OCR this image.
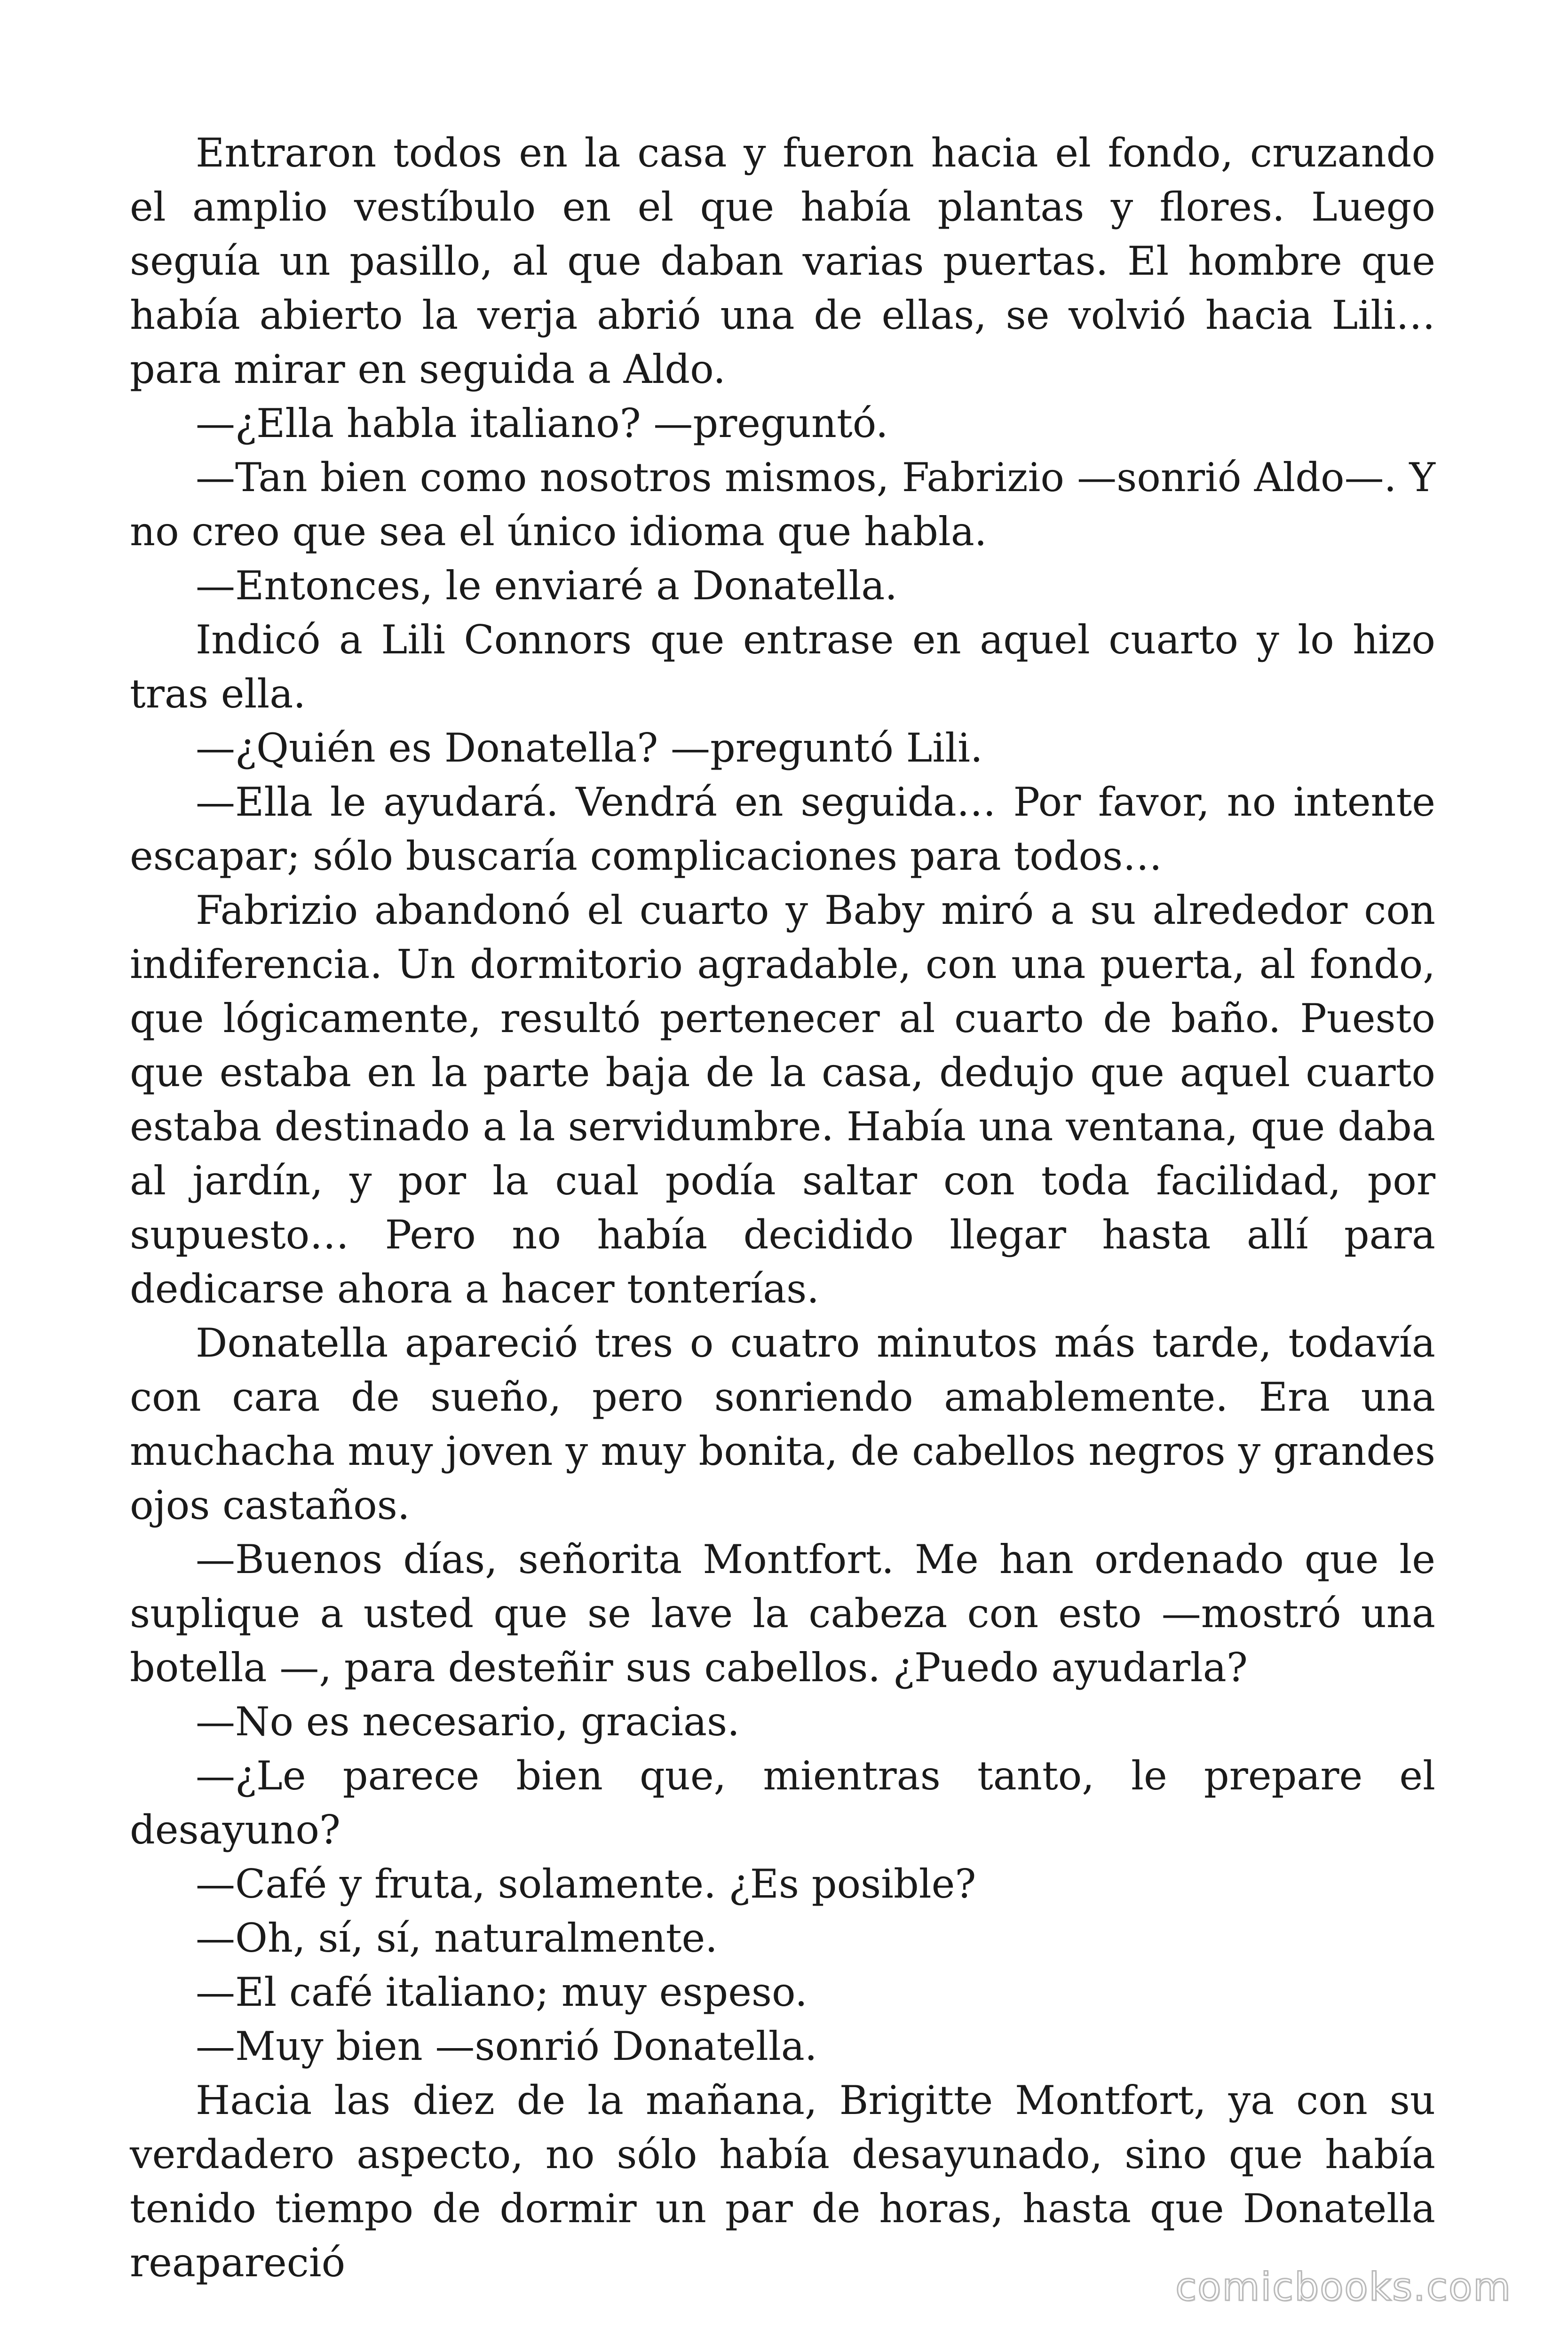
Entraron todos en la casa y fueron hacia el fondo, cruzando el amplio vestíbulo en el que había plantas y flores. Luego seguía un pasillo, al que daban varias puertas. El hombre que había abierto la verja abrió una de ellas, se volvió hacia Lili… para mirar en seguida a Aldo.

—¿Ella habla italiano? —preguntó.

—Tan bien como nosotros mismos, Fabrizio —sonrió Aldo—. Y no creo que sea el único idioma que habla.

—Entonces, le enviaré a Donatella.

Indicó a Lili Connors que entrase en aquel cuarto y lo hizo tras ella.

—¿Quién es Donatella? —preguntó Lili.

—Ella le ayudará. Vendrá en seguida… Por favor, no intente escapar; sólo buscaría complicaciones para todos…

Fabrizio abandonó el cuarto y Baby miró a su alrededor con indiferencia. Un dormitorio agradable, con una puerta, al fondo, que lógicamente, resultó pertenecer al cuarto de baño. Puesto que estaba en la parte baja de la casa, dedujo que aquel cuarto estaba destinado a la servidumbre. Había una ventana, que daba al jardín, y por la cual podía saltar con toda facilidad, por supuesto… Pero no había decidido llegar hasta allí para dedicarse ahora a hacer tonterías.

Donatella apareció tres o cuatro minutos más tarde, todavía con cara de sueño, pero sonriendo amablemente. Era una muchacha muy joven y muy bonita, de cabellos negros y grandes ojos castaños.

—Buenos días, señorita Montfort. Me han ordenado que le suplique a usted que se lave la cabeza con esto —mostró una botella —, para desteñir sus cabellos. ¿Puedo ayudarla?

—No es necesario, gracias.

—¿Le parece bien que, mientras tanto, le prepare el desayuno?

—Café y fruta, solamente. ¿Es posible?

—Oh, sí, sí, naturalmente.

—El café italiano; muy espeso.

—Muy bien —sonrió Donatella.

Hacia las diez de la mañana, Brigitte Montfort, ya con su verdadero aspecto, no sólo había desayunado, sino que había tenido tiempo de dormir un par de horas, hasta que Donatella reapareció

comicbooks.com
